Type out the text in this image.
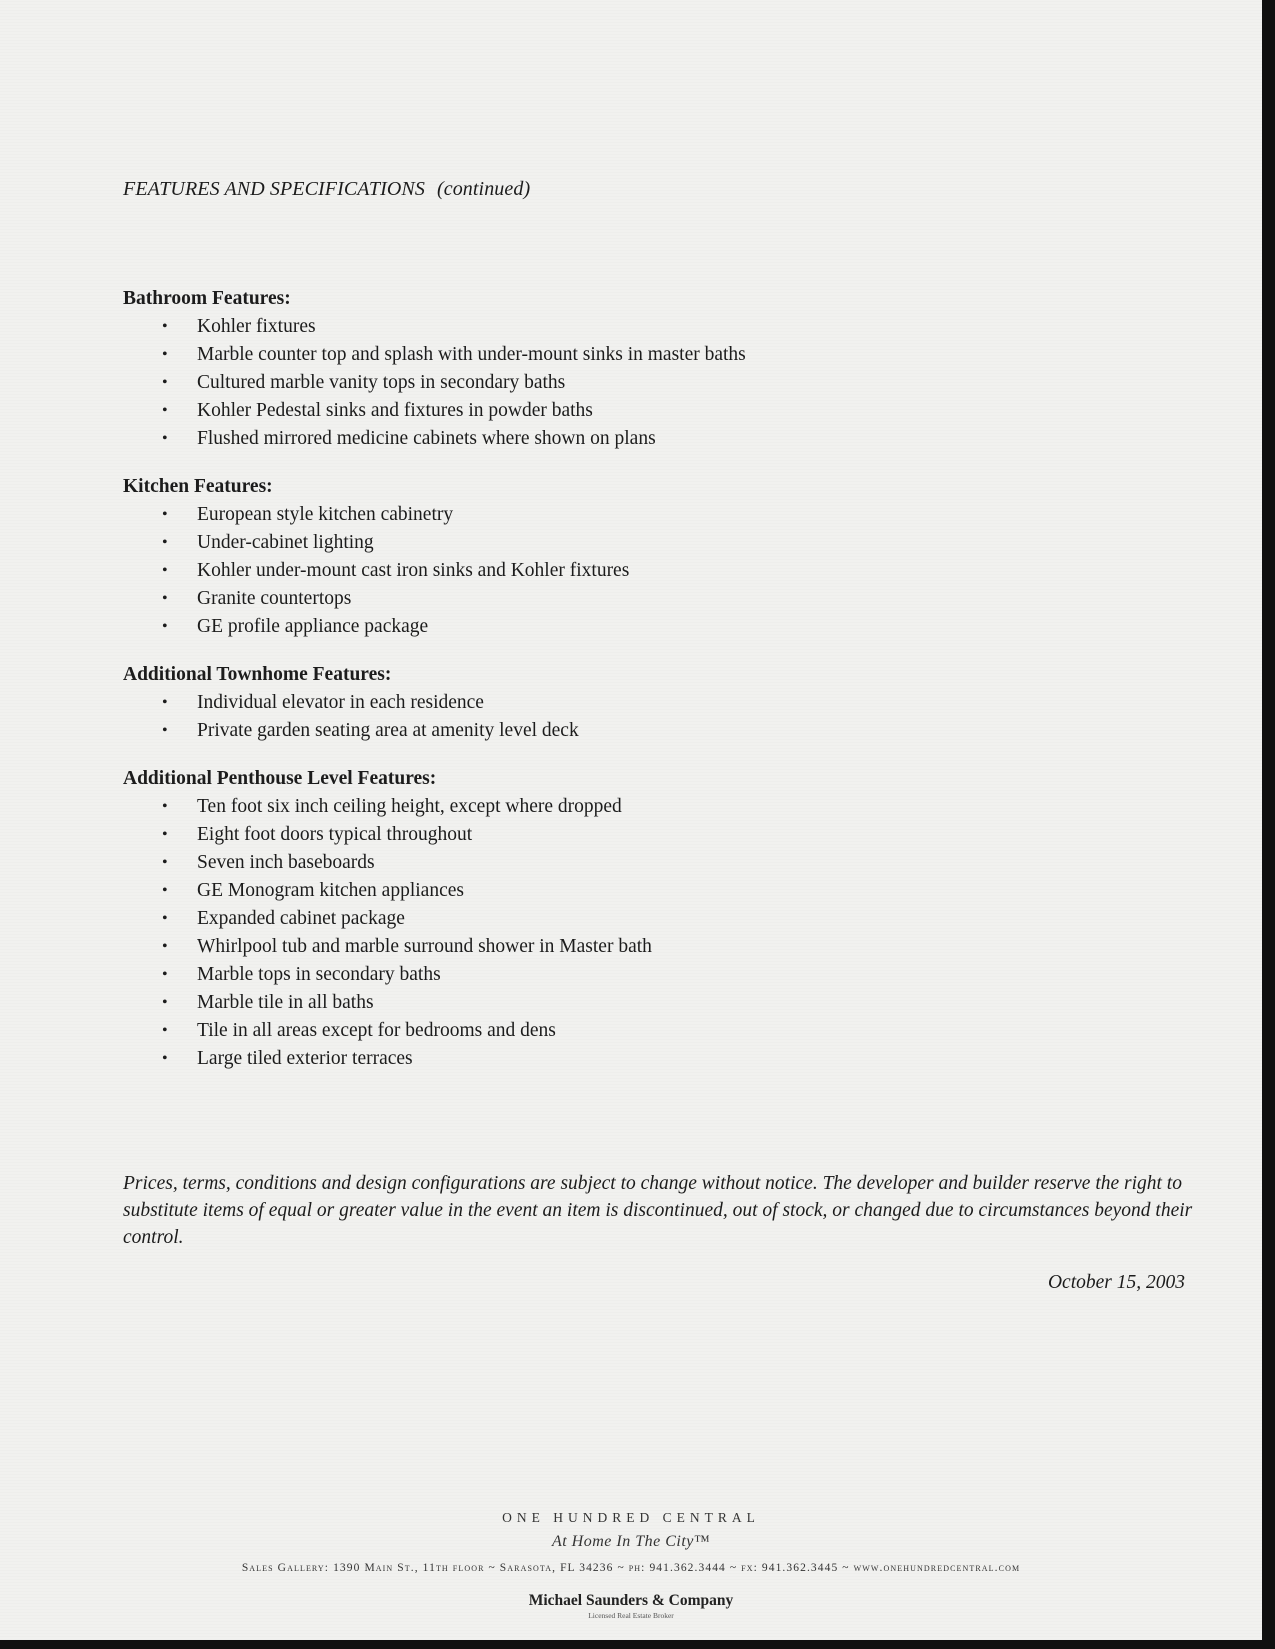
FEATURES AND SPECIFICATIONS (continued)
Bathroom Features:
• Kohler fixtures
• Marble counter top and splash with under-mount sinks in master baths
• Cultured marble vanity tops in secondary baths
• Kohler Pedestal sinks and fixtures in powder baths
• Flushed mirrored medicine cabinets where shown on plans
Kitchen Features:
• European style kitchen cabinetry
• Under-cabinet lighting
• Kohler under-mount cast iron sinks and Kohler fixtures
• Granite countertops
• GE profile appliance package
Additional Townhome Features:
• Individual elevator in each residence
• Private garden seating area at amenity level deck
Additional Penthouse Level Features:
• Ten foot six inch ceiling height, except where dropped
• Eight foot doors typical throughout
• Seven inch baseboards
• GE Monogram kitchen appliances
• Expanded cabinet package
• Whirlpool tub and marble surround shower in Master bath
• Marble tops in secondary baths
• Marble tile in all baths
• Tile in all areas except for bedrooms and dens
• Large tiled exterior terraces
Prices, terms, conditions and design configurations are subject to change without notice. The developer and builder reserve the right to substitute items of equal or greater value in the event an item is discontinued, out of stock, or changed due to circumstances beyond their control.
October 15, 2003
ONE HUNDRED CENTRAL
At Home In The City™
Sales Gallery: 1390 Main St., 11th floor ~ Sarasota, FL 34236 ~ ph: 941.362.3444 ~ fx: 941.362.3445 ~ www.onehundredcentral.com
Michael Saunders & Company
Licensed Real Estate Broker
